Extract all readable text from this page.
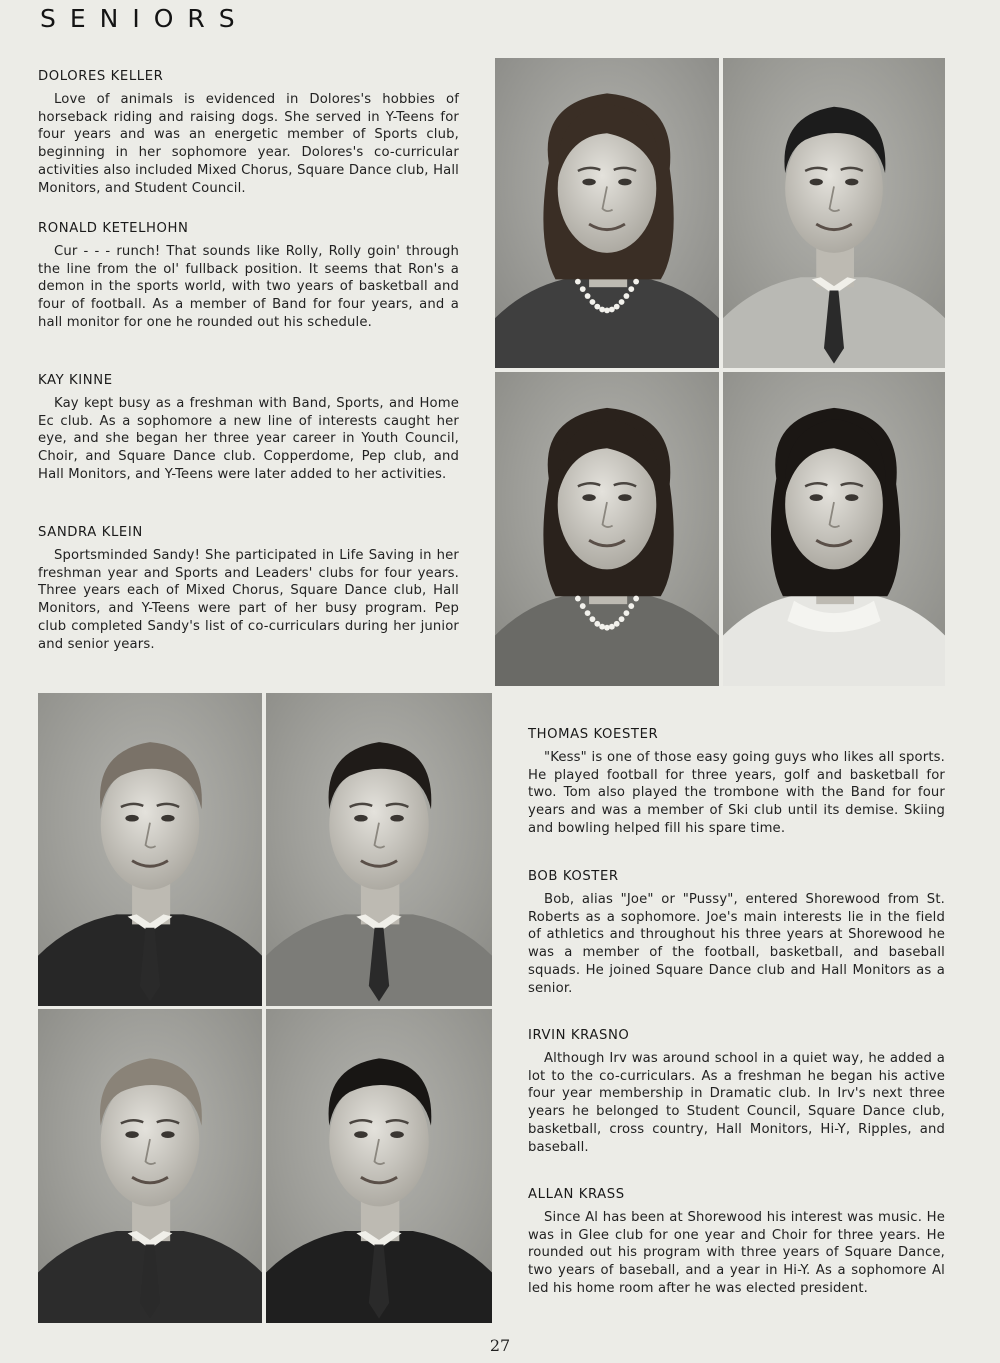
SENIORS
DOLORES KELLER
Love of animals is evidenced in Dolores's hobbies of horseback riding and raising dogs. She served in Y-Teens for four years and was an energetic member of Sports club, beginning in her sophomore year. Dolores's co-curricular activities also included Mixed Chorus, Square Dance club, Hall Monitors, and Student Council.
RONALD KETELHOHN
Cur - - - runch! That sounds like Rolly, Rolly goin' through the line from the ol' fullback position. It seems that Ron's a demon in the sports world, with two years of basketball and four of football. As a member of Band for four years, and a hall monitor for one he rounded out his schedule.
KAY KINNE
Kay kept busy as a freshman with Band, Sports, and Home Ec club. As a sophomore a new line of interests caught her eye, and she began her three year career in Youth Council, Choir, and Square Dance club. Copperdome, Pep club, and Hall Monitors, and Y-Teens were later added to her activities.
SANDRA KLEIN
Sportsminded Sandy! She participated in Life Saving in her freshman year and Sports and Leaders' clubs for four years. Three years each of Mixed Chorus, Square Dance club, Hall Monitors, and Y-Teens were part of her busy program. Pep club completed Sandy's list of co-curriculars during her junior and senior years.
THOMAS KOESTER
"Kess" is one of those easy going guys who likes all sports. He played football for three years, golf and basketball for two. Tom also played the trombone with the Band for four years and was a member of Ski club until its demise. Skiing and bowling helped fill his spare time.
BOB KOSTER
Bob, alias "Joe" or "Pussy", entered Shorewood from St. Roberts as a sophomore. Joe's main interests lie in the field of athletics and throughout his three years at Shorewood he was a member of the football, basketball, and baseball squads. He joined Square Dance club and Hall Monitors as a senior.
IRVIN KRASNO
Although Irv was around school in a quiet way, he added a lot to the co-curriculars. As a freshman he began his active four year membership in Dramatic club. In Irv's next three years he belonged to Student Council, Square Dance club, basketball, cross country, Hall Monitors, Hi-Y, Ripples, and baseball.
ALLAN KRASS
Since Al has been at Shorewood his interest was music. He was in Glee club for one year and Choir for three years. He rounded out his program with three years of Square Dance, two years of baseball, and a year in Hi-Y. As a sophomore Al led his home room after he was elected president.
27
